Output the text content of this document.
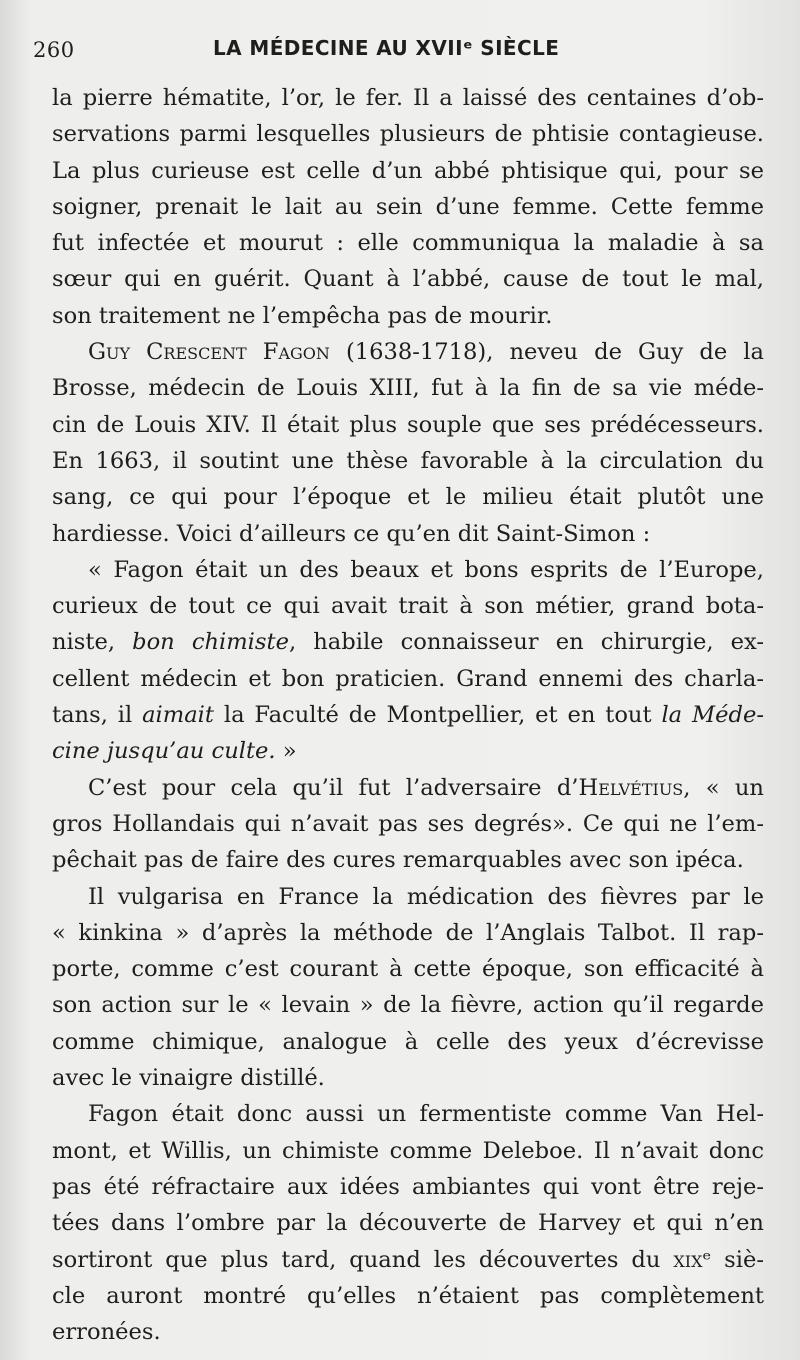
260	LA MÉDECINE AU XVIIᵉ SIÈCLE
la pierre hématite, l’or, le fer. Il a laissé des centaines d’ob-
servations parmi lesquelles plusieurs de phtisie contagieuse.
La plus curieuse est celle d’un abbé phtisique qui, pour se
soigner, prenait le lait au sein d’une femme. Cette femme
fut infectée et mourut : elle communiqua la maladie à sa
sœur qui en guérit. Quant à l’abbé, cause de tout le mal,
son traitement ne l’empêcha pas de mourir.
Guy Crescent Fagon (1638-1718), neveu de Guy de la
Brosse, médecin de Louis XIII, fut à la fin de sa vie méde-
cin de Louis XIV. Il était plus souple que ses prédécesseurs.
En 1663, il soutint une thèse favorable à la circulation du
sang, ce qui pour l’époque et le milieu était plutôt une
hardiesse. Voici d’ailleurs ce qu’en dit Saint-Simon :
« Fagon était un des beaux et bons esprits de l’Europe,
curieux de tout ce qui avait trait à son métier, grand bota-
niste, bon chimiste, habile connaisseur en chirurgie, ex-
cellent médecin et bon praticien. Grand ennemi des charla-
tans, il aimait la Faculté de Montpellier, et en tout la Méde-
cine jusqu’au culte. »
C’est pour cela qu’il fut l’adversaire d’Helvétius, « un
gros Hollandais qui n’avait pas ses degrés». Ce qui ne l’em-
pêchait pas de faire des cures remarquables avec son ipéca.
Il vulgarisa en France la médication des fièvres par le
« kinkina » d’après la méthode de l’Anglais Talbot. Il rap-
porte, comme c’est courant à cette époque, son efficacité à
son action sur le « levain » de la fièvre, action qu’il regarde
comme chimique, analogue à celle des yeux d’écrevisse
avec le vinaigre distillé.
Fagon était donc aussi un fermentiste comme Van Hel-
mont, et Willis, un chimiste comme Deleboe. Il n’avait donc
pas été réfractaire aux idées ambiantes qui vont être reje-
tées dans l’ombre par la découverte de Harvey et qui n’en
sortiront que plus tard, quand les découvertes du xixᵉ siè-
cle auront montré qu’elles n’étaient pas complètement
erronées.
